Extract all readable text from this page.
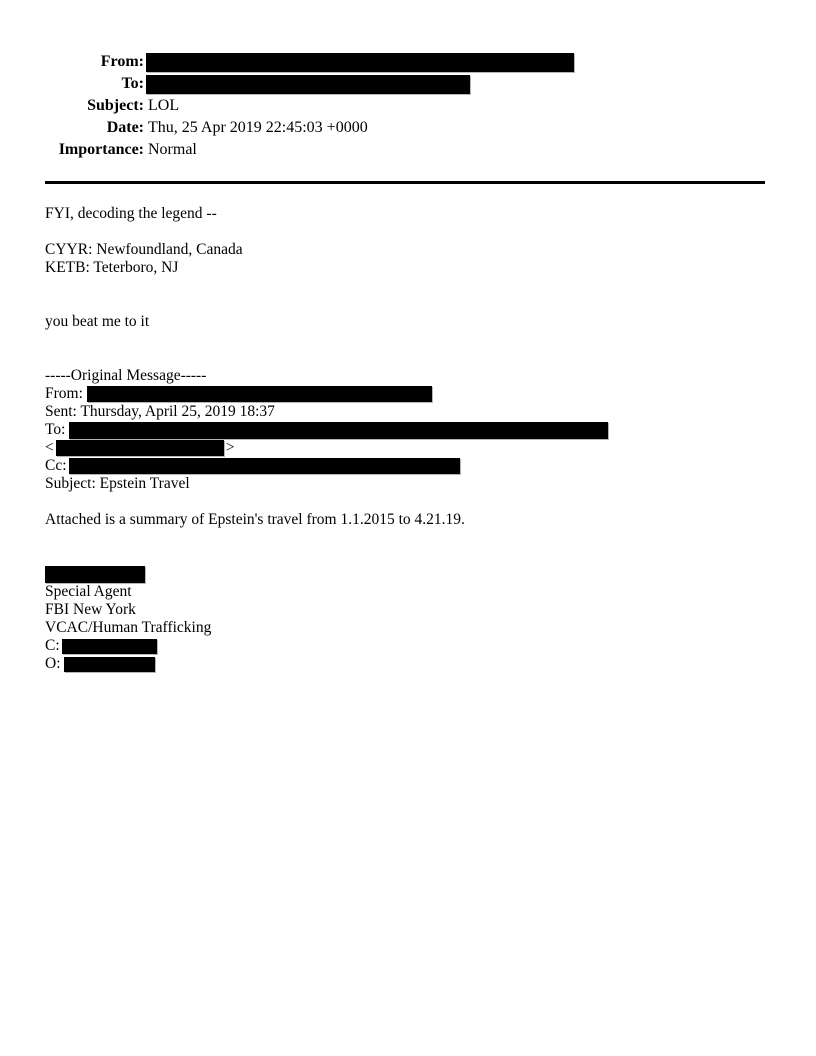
From:
To:
Subject: LOL
Date: Thu, 25 Apr 2019 22:45:03 +0000
Importance: Normal
FYI, decoding the legend --
CYYR: Newfoundland, Canada
KETB: Teterboro, NJ
you beat me to it
-----Original Message-----
From:
Sent: Thursday, April 25, 2019 18:37
To:
<	>
Cc:
Subject: Epstein Travel
Attached is a summary of Epstein's travel from 1.1.2015 to 4.21.19.
Special Agent
FBI New York
VCAC/Human Trafficking
C:
O:
